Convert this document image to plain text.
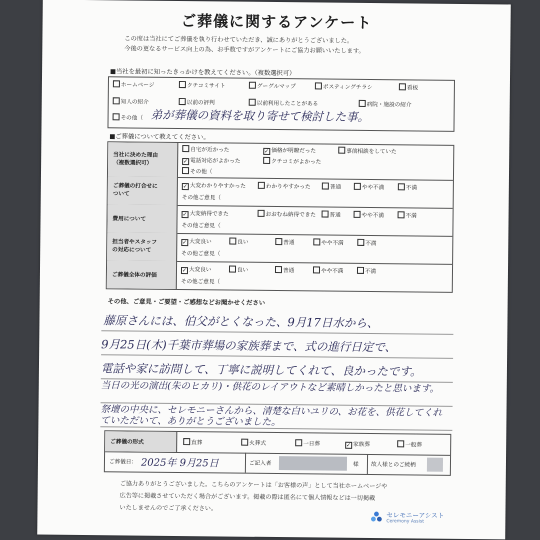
ご葬儀に関するアンケート
この度は当社にてご葬儀を執り行わせていただき、誠にありがとうございました。
今後の更なるサービス向上の為、お手数ですがアンケートにご協力お願いいたします。
■当社を最初に知ったきっかけを教えてください。（複数選択可）
ホームページ	クチコミサイト	グーグルマップ	ポスティングチラシ	看板
知人の紹介	以前の評判	以前利用したことがある	病院・施設の紹介
その他（ 弟が葬儀の資料を取り寄せて検討した事。
■ご葬儀について教えてください。
当社に決めた理由
（複数選択可）
自宅が近かった	✓ 価格が明瞭だった	事前相談をしていた
✓ 電話対応がよかった	クチコミがよかった
その他（
ご葬儀の打合せに
ついて
✓ 大変わかりやすかった	わかりやすかった	普通	やや不満	不満
その他ご意見（
費用について
✓ 大変納得できた	おおむね納得できた	普通	やや不満	不満
その他ご意見（
担当者やスタッフ
の対応について
✓ 大変良い	良い	普通	やや不満	不満
その他ご意見（
ご葬儀全体の評価
✓ 大変良い	良い	普通	やや不満	不満
その他ご意見（
その他、ご意見・ご要望・ご感想などお聞かせください
藤原さんには、伯父がとくなった、9月17日水から、
9月25日(木)千葉市葬場の家族葬まで、式の進行日定で、
電話や家に訪問して、丁寧に説明してくれて、良かったです。
当日の光の演出(朱のヒカリ)・供花のレイアウトなど素晴しかったと思います。
祭壇の中央に、セレモニーさんから、清楚な白いユリの、お花を、供花してくれていただいて、ありがとうございました。
ご葬儀の形式	直葬	火葬式	一日葬	✓ 家族葬	一般葬
ご葬儀日： 2025年 9月25日	ご記入者	様 故人様とのご続柄
ご協力ありがとうございました。こちらのアンケートは「お客様の声」として当社ホームページや
広告等に掲載させていただく場合がございます。掲載の際は匿名にて個人情報などは一切掲載
いたしませんのでご了承ください。
セレモニーアシスト
Ceremony Assist
